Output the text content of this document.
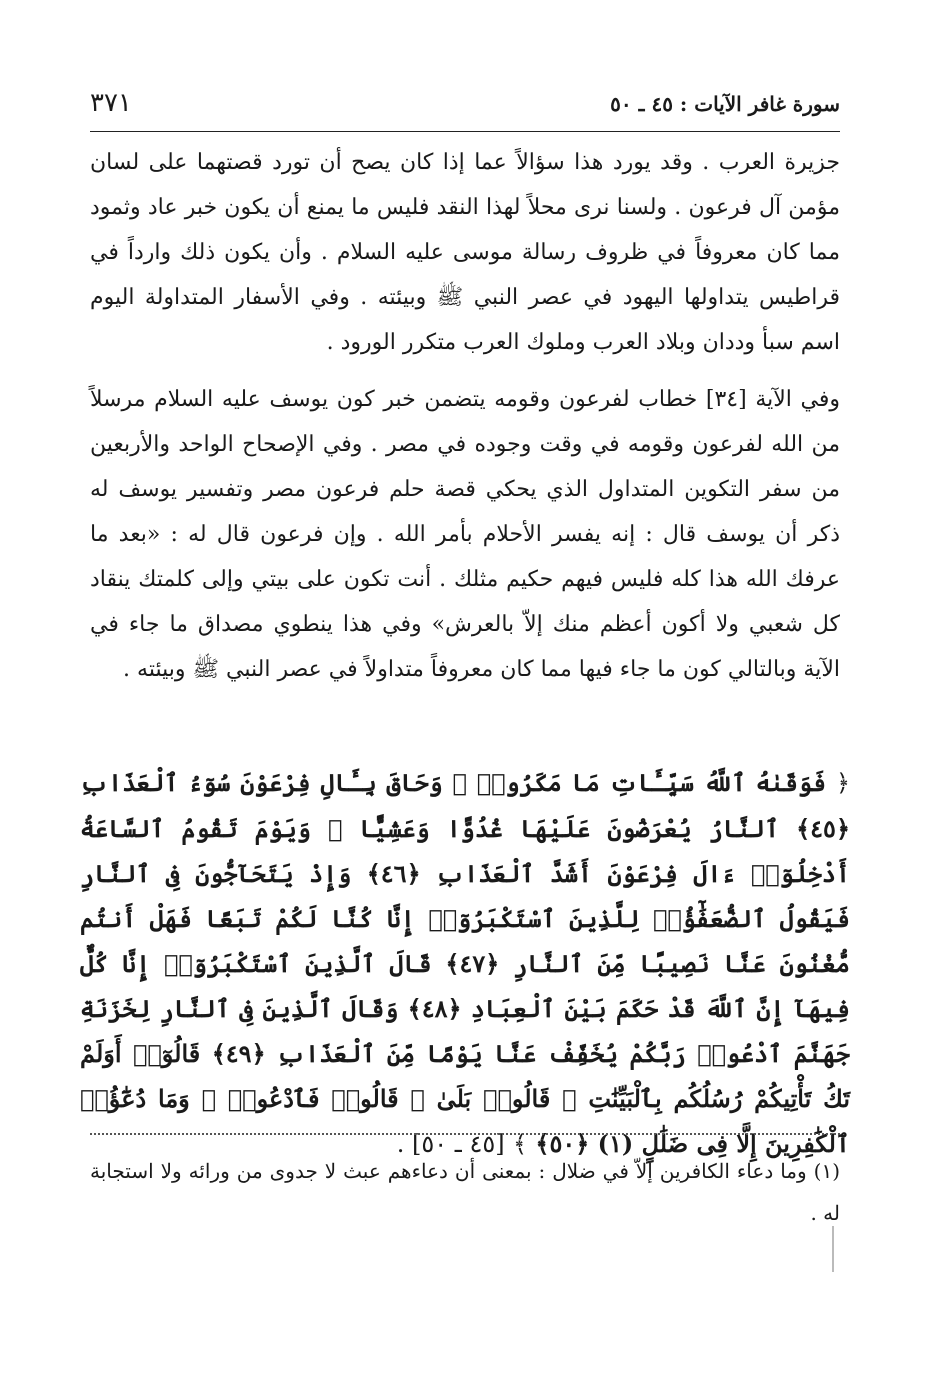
٣٧١	سورة غافر الآيات : ٤٥ ـ ٥٠

جزيرة العرب . وقد يورد هذا سؤالاً عما إذا كان يصح أن تورد قصتهما على لسان مؤمن آل فرعون . ولسنا نرى محلاً لهذا النقد فليس ما يمنع أن يكون خبر عاد وثمود مما كان معروفاً في ظروف رسالة موسى عليه السلام . وأن يكون ذلك وارداً في قراطيس يتداولها اليهود في عصر النبي ﷺ وبيئته . وفي الأسفار المتداولة اليوم اسم سبأ وددان وبلاد العرب وملوك العرب متكرر الورود .

وفي الآية [٣٤] خطاب لفرعون وقومه يتضمن خبر كون يوسف عليه السلام مرسلاً من الله لفرعون وقومه في وقت وجوده في مصر . وفي الإصحاح الواحد والأربعين من سفر التكوين المتداول الذي يحكي قصة حلم فرعون مصر وتفسير يوسف له ذكر أن يوسف قال : إنه يفسر الأحلام بأمر الله . وإن فرعون قال له : «بعد ما عرفك الله هذا كله فليس فيهم حكيم مثلك . أنت تكون على بيتي وإلى كلمتك ينقاد كل شعبي ولا أكون أعظم منك إلاّ بالعرش» وفي هذا ينطوي مصداق ما جاء في الآية وبالتالي كون ما جاء فيها مما كان معروفاً متداولاً في عصر النبي ﷺ وبيئته .

﴿ فَوَقَىٰهُ ٱللَّهُ سَيِّـَٔاتِ مَا مَكَرُوا۟ ۖ وَحَاقَ بِـَٔالِ فِرْعَوْنَ سُوٓءُ ٱلْعَذَابِ ﴿٤٥﴾ ٱلنَّارُ يُعْرَضُونَ عَلَيْهَا غُدُوًّا وَعَشِيًّا ۖ وَيَوْمَ تَقُومُ ٱلسَّاعَةُ أَدْخِلُوٓا۟ ءَالَ فِرْعَوْنَ أَشَدَّ ٱلْعَذَابِ ﴿٤٦﴾ وَإِذْ يَتَحَآجُّونَ فِى ٱلنَّارِ فَيَقُولُ ٱلضُّعَفَٰٓؤُا۟ لِلَّذِينَ ٱسْتَكْبَرُوٓا۟ إِنَّا كُنَّا لَكُمْ تَبَعًا فَهَلْ أَنتُم مُّغْنُونَ عَنَّا نَصِيبًا مِّنَ ٱلنَّارِ ﴿٤٧﴾ قَالَ ٱلَّذِينَ ٱسْتَكْبَرُوٓا۟ إِنَّا كُلٌّ فِيهَآ إِنَّ ٱللَّهَ قَدْ حَكَمَ بَيْنَ ٱلْعِبَادِ ﴿٤٨﴾ وَقَالَ ٱلَّذِينَ فِى ٱلنَّارِ لِخَزَنَةِ جَهَنَّمَ ٱدْعُوا۟ رَبَّكُمْ يُخَفِّفْ عَنَّا يَوْمًا مِّنَ ٱلْعَذَابِ ﴿٤٩﴾ قَالُوٓا۟ أَوَلَمْ تَكُ تَأْتِيكُمْ رُسُلُكُم بِٱلْبَيِّنَٰتِ ۖ قَالُوا۟ بَلَىٰ ۚ قَالُوا۟ فَٱدْعُوا۟ ۗ وَمَا دُعَٰٓؤُا۟ ٱلْكَٰفِرِينَ إِلَّا فِى ضَلَٰلٍ (١) ﴿٥٠﴾ ﴾ [٤٥ ـ ٥٠] .

(١) وما دعاء الكافرين إلاّ في ضلال : بمعنى أن دعاءهم عبث لا جدوى من ورائه ولا استجابة له .
